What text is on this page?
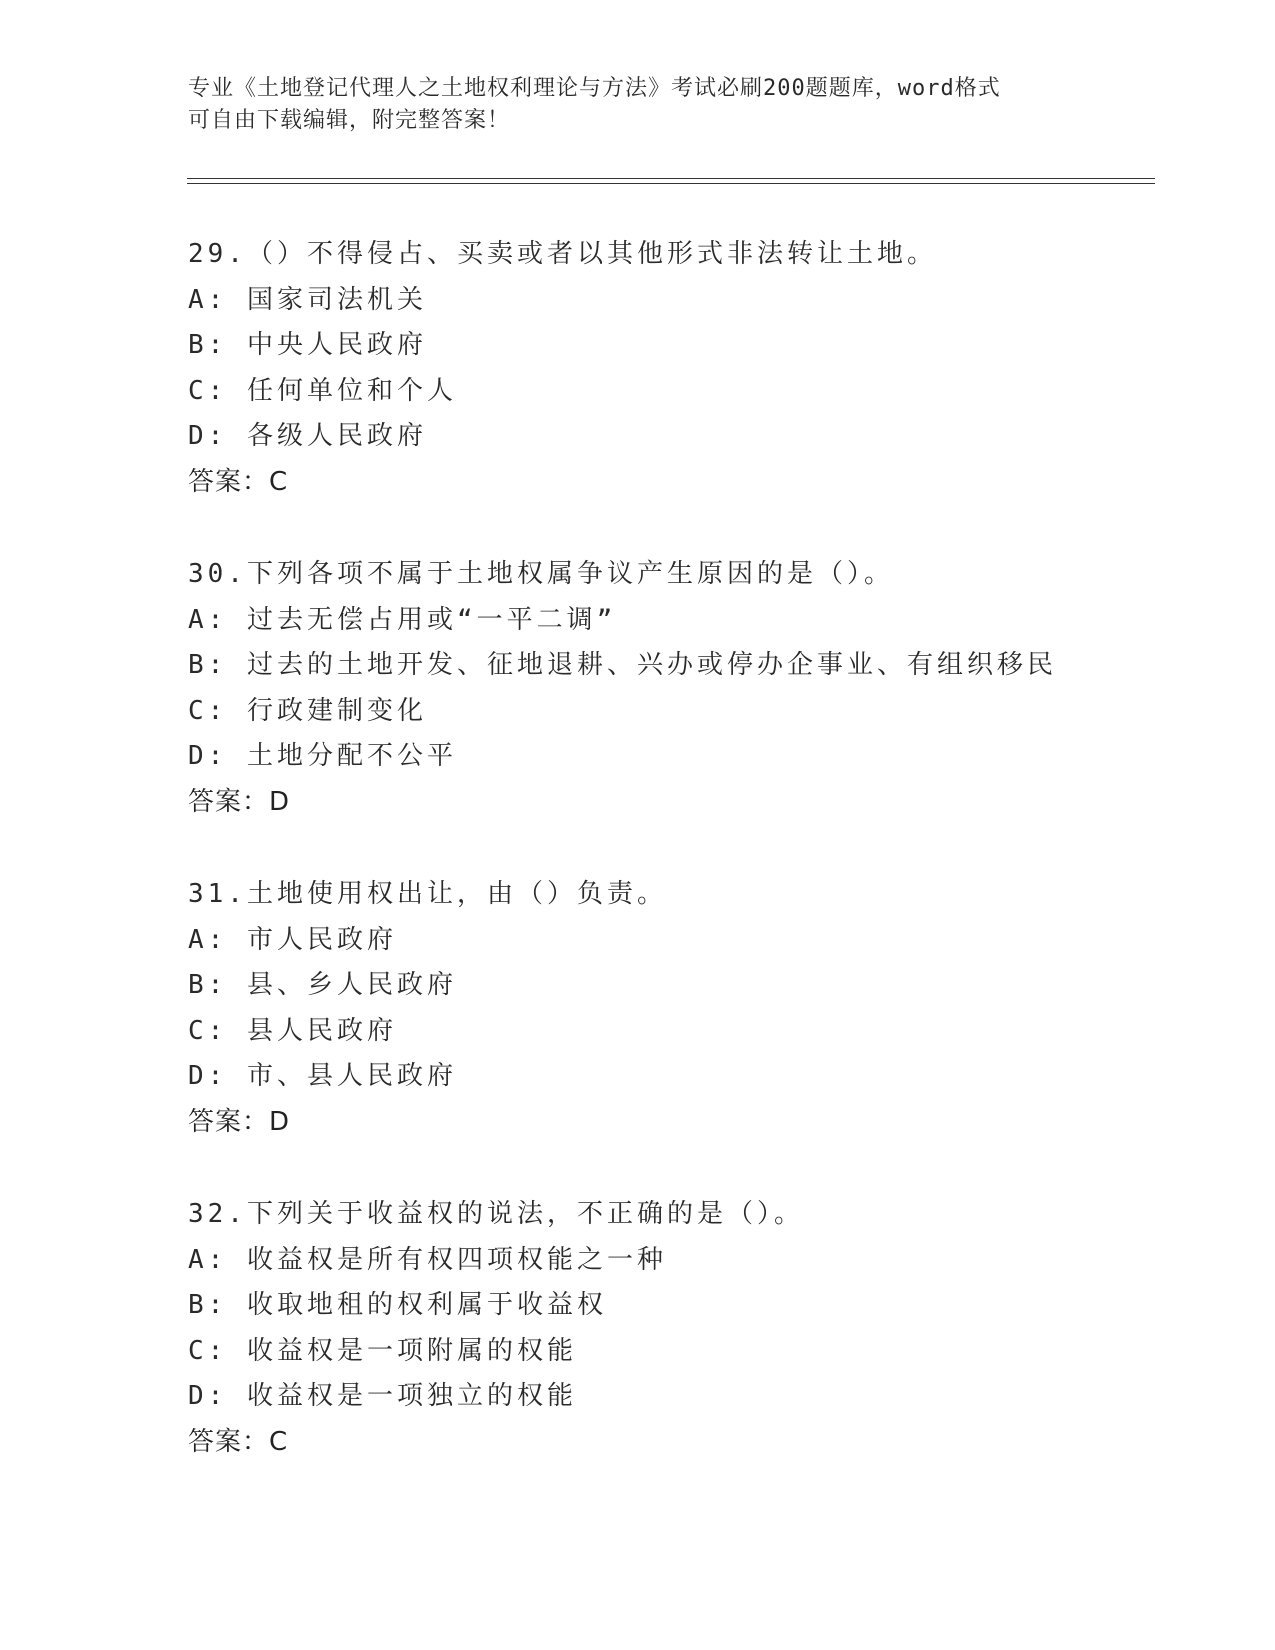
专业《土地登记代理人之土地权利理论与方法》考试必刷200题题库，word格式
可自由下载编辑，附完整答案！
29.（）不得侵占、买卖或者以其他形式非法转让土地。
A: 国家司法机关
B: 中央人民政府
C: 任何单位和个人
D: 各级人民政府
答案：C
30.下列各项不属于土地权属争议产生原因的是（）。
A: 过去无偿占用或“一平二调”
B: 过去的土地开发、征地退耕、兴办或停办企事业、有组织移民
C: 行政建制变化
D: 土地分配不公平
答案：D
31.土地使用权出让，由（）负责。
A: 市人民政府
B: 县、乡人民政府
C: 县人民政府
D: 市、县人民政府
答案：D
32.下列关于收益权的说法，不正确的是（）。
A: 收益权是所有权四项权能之一种
B: 收取地租的权利属于收益权
C: 收益权是一项附属的权能
D: 收益权是一项独立的权能
答案：C
